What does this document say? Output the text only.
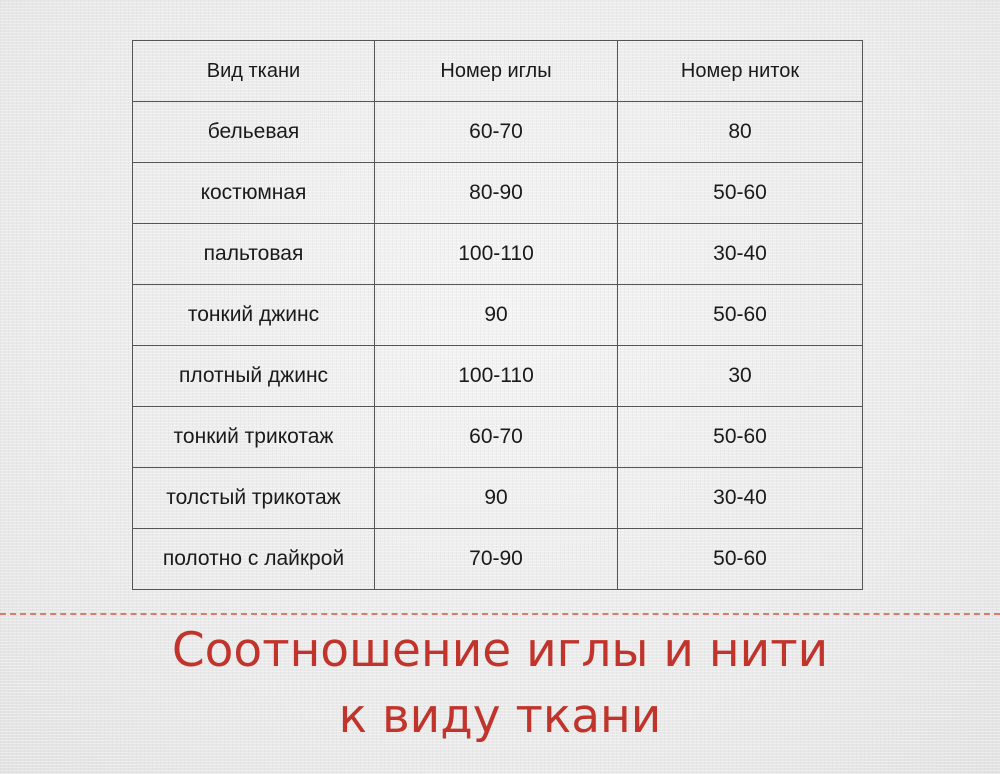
Вид ткани	Номер иглы	Номер ниток
бельевая	60-70	80
костюмная	80-90	50-60
пальтовая	100-110	30-40
тонкий джинс	90	50-60
плотный джинс	100-110	30
тонкий трикотаж	60-70	50-60
толстый трикотаж	90	30-40
полотно с лайкрой	70-90	50-60
Соотношение иглы и нити
к виду ткани
